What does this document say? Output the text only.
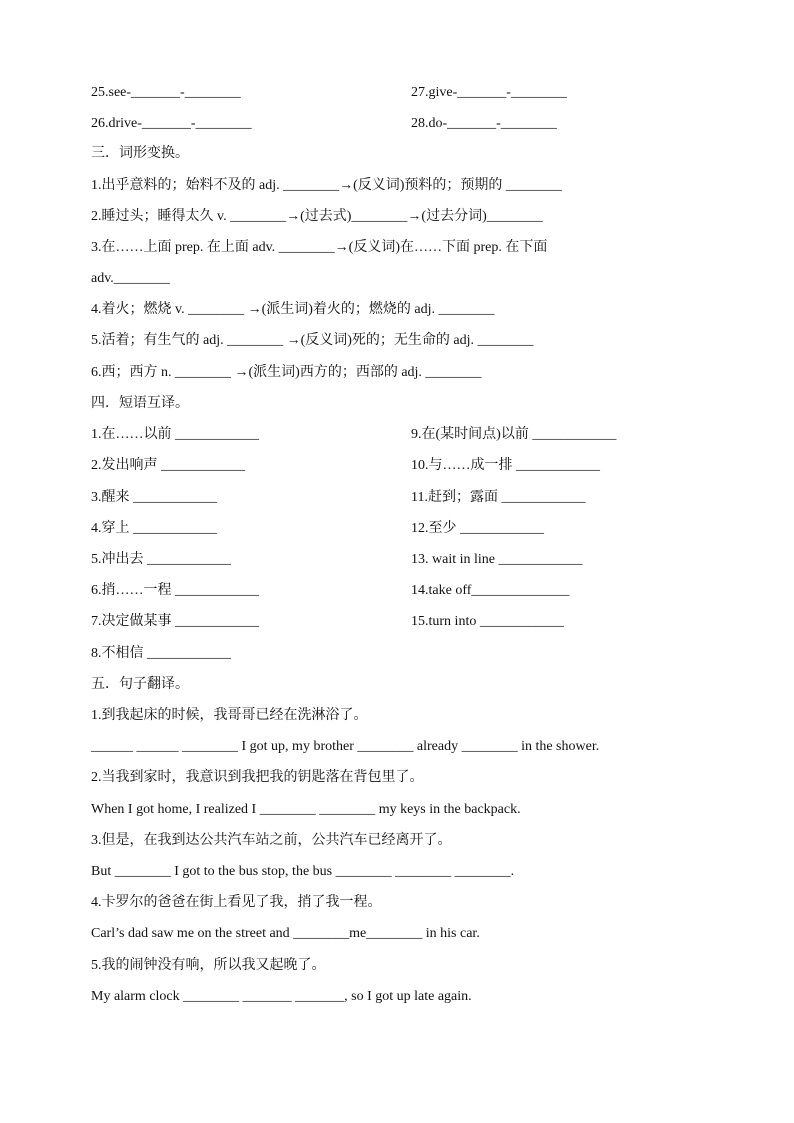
25.see-_______-________	27.give-_______-________
26.drive-_______-________	28.do-_______-________
三．词形变换。
1.出乎意料的；始料不及的 adj. ________→(反义词)预料的；预期的 ________
2.睡过头；睡得太久 v. ________→(过去式)________→(过去分词)________
3.在……上面 prep. 在上面 adv. ________→(反义词)在……下面 prep. 在下面
adv.________
4.着火；燃烧 v. ________ →(派生词)着火的；燃烧的 adj. ________
5.活着；有生气的 adj. ________ →(反义词)死的；无生命的 adj. ________
6.西；西方 n. ________ →(派生词)西方的；西部的 adj. ________
四．短语互译。
1.在……以前 ____________	9.在(某时间点)以前 ____________
2.发出响声 ____________	10.与……成一排 ____________
3.醒来 ____________	11.赶到；露面 ____________
4.穿上 ____________	12.至少 ____________
5.冲出去 ____________	13. wait in line ____________
6.捎……一程 ____________	14.take off______________
7.决定做某事 ____________	15.turn into ____________
8.不相信 ____________
五．句子翻译。
1.到我起床的时候，我哥哥已经在洗淋浴了。
______ ______ ________ I got up, my brother ________ already ________ in the shower.
2.当我到家时，我意识到我把我的钥匙落在背包里了。
When I got home, I realized I ________ ________ my keys in the backpack.
3.但是，在我到达公共汽车站之前，公共汽车已经离开了。
But ________ I got to the bus stop, the bus ________ ________ ________.
4.卡罗尔的爸爸在街上看见了我，捎了我一程。
Carl’s dad saw me on the street and ________me________ in his car.
5.我的闹钟没有响，所以我又起晚了。
My alarm clock ________ _______ _______, so I got up late again.
